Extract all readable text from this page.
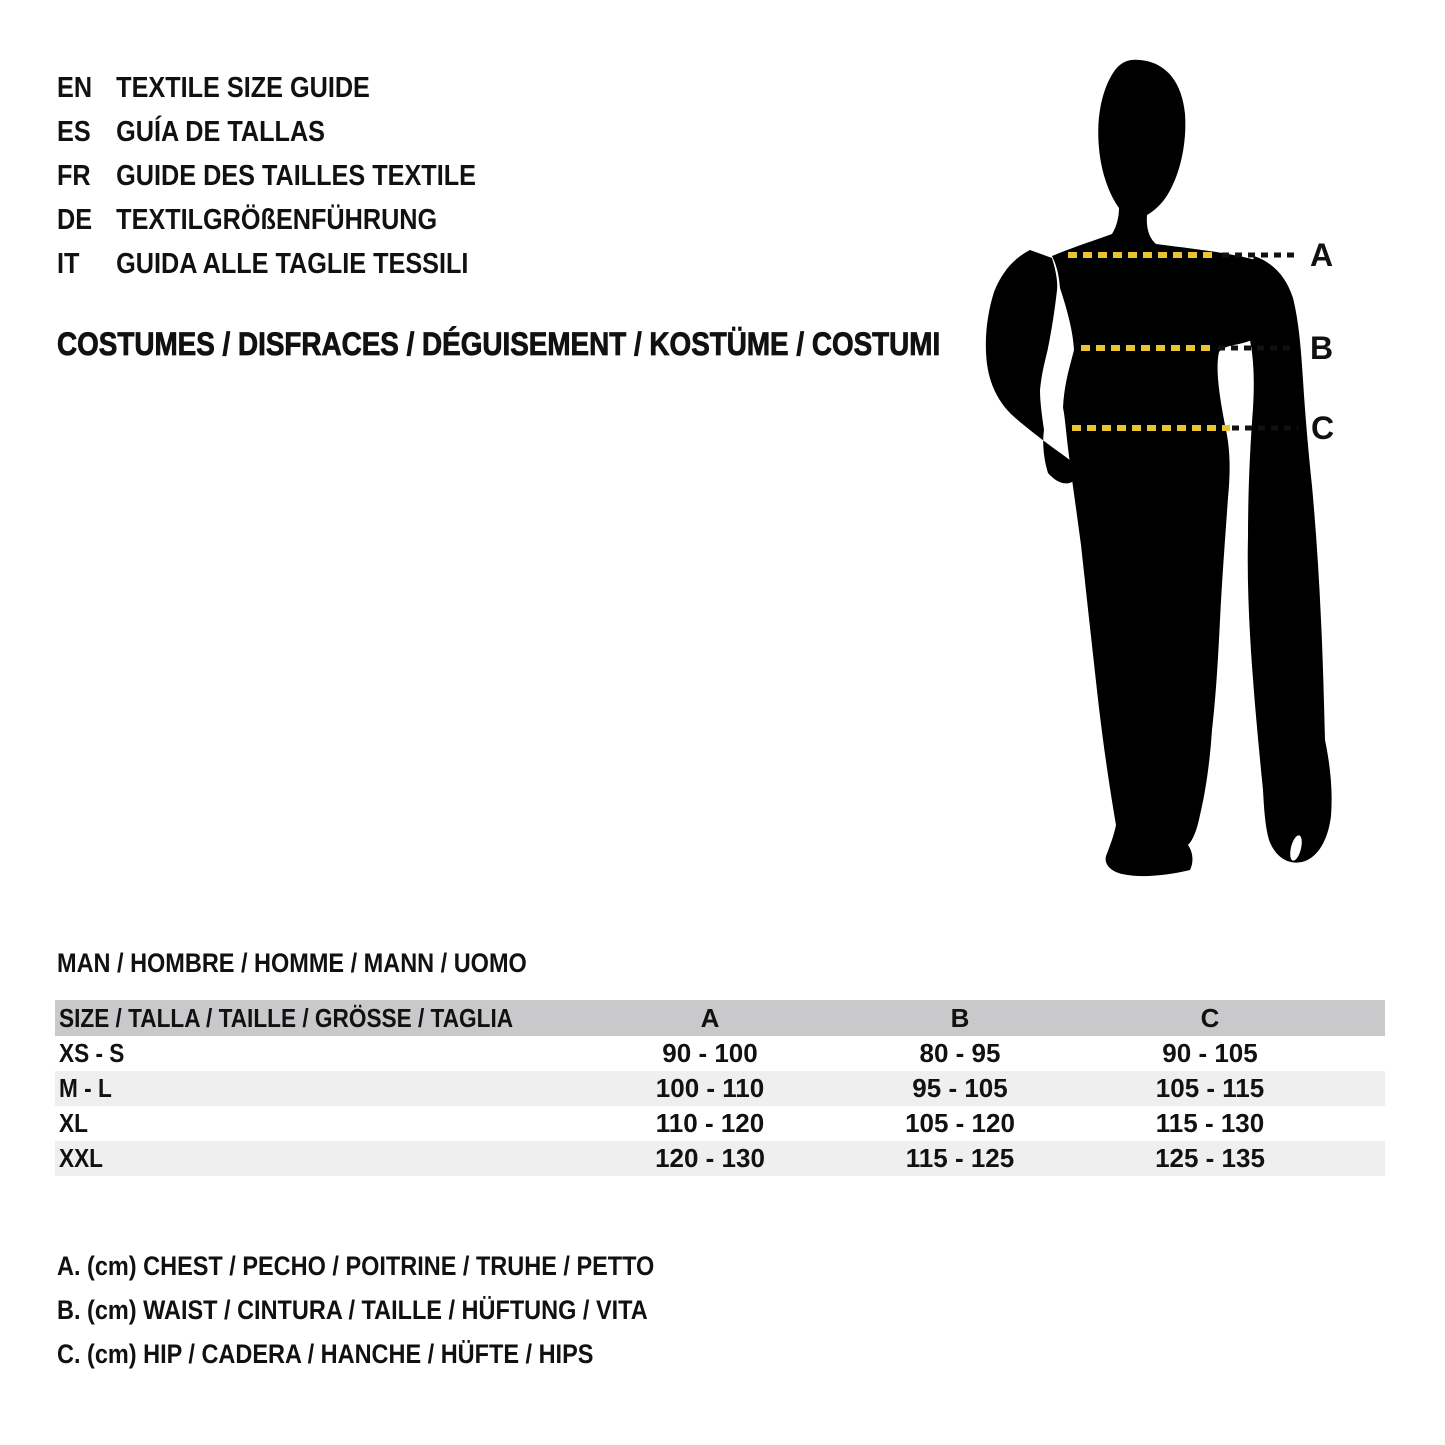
EN TEXTILE SIZE GUIDE
ES GUÍA DE TALLAS
FR GUIDE DES TAILLES TEXTILE
DE TEXTILGRÖßENFÜHRUNG
IT GUIDA ALLE TAGLIE TESSILI
COSTUMES / DISFRACES / DÉGUISEMENT / KOSTÜME / COSTUMI
A
B
C
MAN / HOMBRE / HOMME / MANN / UOMO
SIZE / TALLA / TAILLE / GRÖSSE / TAGLIA	A	B	C
XS - S	90 - 100	80 - 95	90 - 105
M - L	100 - 110	95 - 105	105 - 115
XL	110 - 120	105 - 120	115 - 130
XXL	120 - 130	115 - 125	125 - 135
A. (cm) CHEST / PECHO / POITRINE / TRUHE / PETTO
B. (cm) WAIST / CINTURA / TAILLE / HÜFTUNG / VITA
C. (cm) HIP / CADERA / HANCHE / HÜFTE / HIPS
